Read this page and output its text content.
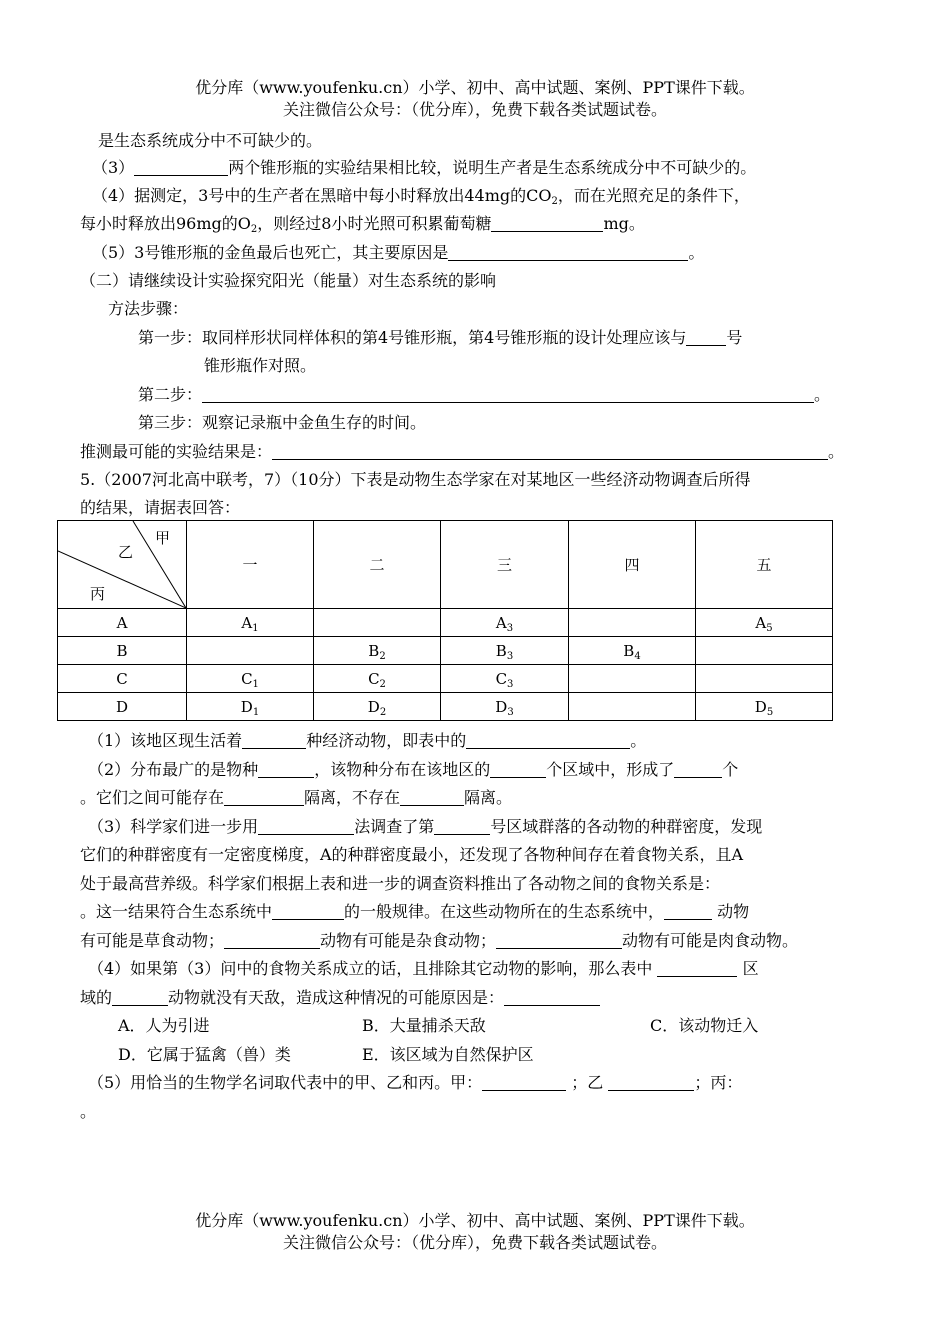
优分库（www.youfenku.cn）小学、初中、高中试题、案例、PPT课件下载。
关注微信公众号：（优分库），免费下载各类试题试卷。
是生态系统成分中不可缺少的。
（3）	两个锥形瓶的实验结果相比较，说明生产者是生态系统成分中不可缺少的。
（4）据测定，3号中的生产者在黑暗中每小时释放出44mg的$CO_2$，而在光照充足的条件下，
每小时释放出96mg的$O_2$，则经过8小时光照可积累葡萄糖	mg。
（5）3号锥形瓶的金鱼最后也死亡，其主要原因是	。
（二）请继续设计实验探究阳光（能量）对生态系统的影响
方法步骤：
第一步：取同样形状同样体积的第4号锥形瓶，第4号锥形瓶的设计处理应该与	号
锥形瓶作对照。
第二步：	。
第三步：观察记录瓶中金鱼生存的时间。
推测最可能的实验结果是：	。
5.（2007河北高中联考，7）（10分）下表是动物生态学家在对某地区一些经济动物调查后所得
的结果，请据表回答：
甲
乙
丙	一	二	三	四	五
A	$A_1$		$A_3$		$A_5$
B		$B_2$	$B_3$	$B_4$	
C	$C_1$	$C_2$	$C_3$		
D	$D_1$	$D_2$	$D_3$		$D_5$
（1）该地区现生活着	种经济动物，即表中的	。
（2）分布最广的是物种	，该物种分布在该地区的	个区域中，形成了	个
。它们之间可能存在	隔离，不存在	隔离。
（3）科学家们进一步用	法调查了第	号区域群落的各动物的种群密度，发现
它们的种群密度有一定密度梯度，A的种群密度最小，还发现了各物种间存在着食物关系，且A
处于最高营养级。科学家们根据上表和进一步的调查资料推出了各动物之间的食物关系是：
。这一结果符合生态系统中	的一般规律。在这些动物所在的生态系统中，	动物
有可能是草食动物；	动物有可能是杂食动物；	动物有可能是肉食动物。
（4）如果第（3）问中的食物关系成立的话，且排除其它动物的影响，那么表中	区
域的	动物就没有天敌，造成这种情况的可能原因是：
A．人为引进	B．大量捕杀天敌	C．该动物迁入
D．它属于猛禽（兽）类	E．该区域为自然保护区
（5）用恰当的生物学名词取代表中的甲、乙和丙。甲：	；乙	；丙：
。
优分库（www.youfenku.cn）小学、初中、高中试题、案例、PPT课件下载。
关注微信公众号：（优分库），免费下载各类试题试卷。
